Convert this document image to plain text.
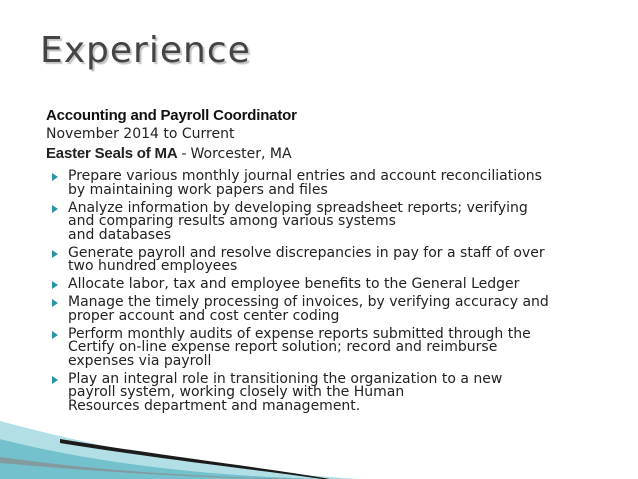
Experience
Accounting and Payroll Coordinator
November 2014 to Current
Easter Seals of MA - Worcester, MA
Prepare various monthly journal entries and account reconciliations
by maintaining work papers and files
Analyze information by developing spreadsheet reports; verifying
and comparing results among various systems
and databases
Generate payroll and resolve discrepancies in pay for a staff of over
two hundred employees
Allocate labor, tax and employee benefits to the General Ledger
Manage the timely processing of invoices, by verifying accuracy and
proper account and cost center coding
Perform monthly audits of expense reports submitted through the
Certify on-line expense report solution; record and reimburse
expenses via payroll
Play an integral role in transitioning the organization to a new
payroll system, working closely with the Human
Resources department and management.
